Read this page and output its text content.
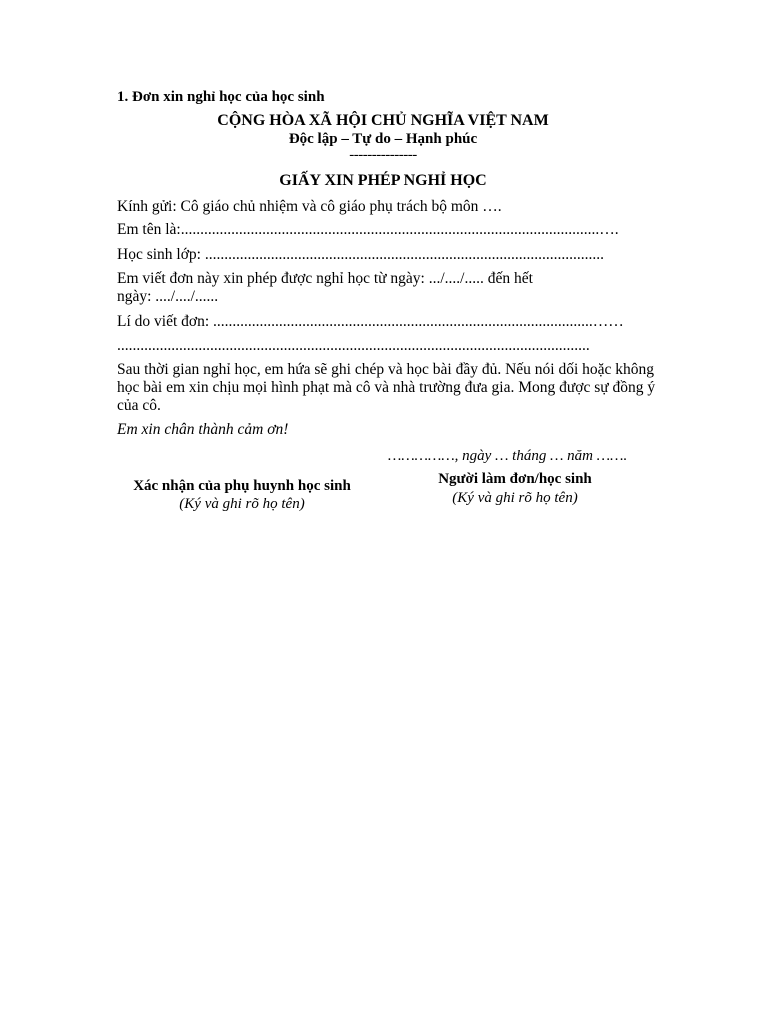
1. Đơn xin nghỉ học của học sinh
CỘNG HÒA XÃ HỘI CHỦ NGHĨA VIỆT NAM
Độc lập – Tự do – Hạnh phúc
---------------
GIẤY XIN PHÉP NGHỈ HỌC
Kính gửi: Cô giáo chủ nhiệm và cô giáo phụ trách bộ môn ….
Em tên là:............................................................................................................….
Học sinh lớp: .......................................................................................................
Em viết đơn này xin phép được nghỉ học từ ngày: .../..../..... đến hết
ngày: ..../..../......
Lí do viết đơn: ..................................................................................................……
..........................................................................................................................
Sau thời gian nghỉ học, em hứa sẽ ghi chép và học bài đầy đủ. Nếu nói dối hoặc không học bài em xin chịu mọi hình phạt mà cô và nhà trường đưa gia. Mong được sự đồng ý của cô.
Em xin chân thành cảm ơn!
……………, ngày … tháng … năm …….
Xác nhận của phụ huynh học sinh
(Ký và ghi rõ họ tên)
Người làm đơn/học sinh
(Ký và ghi rõ họ tên)
